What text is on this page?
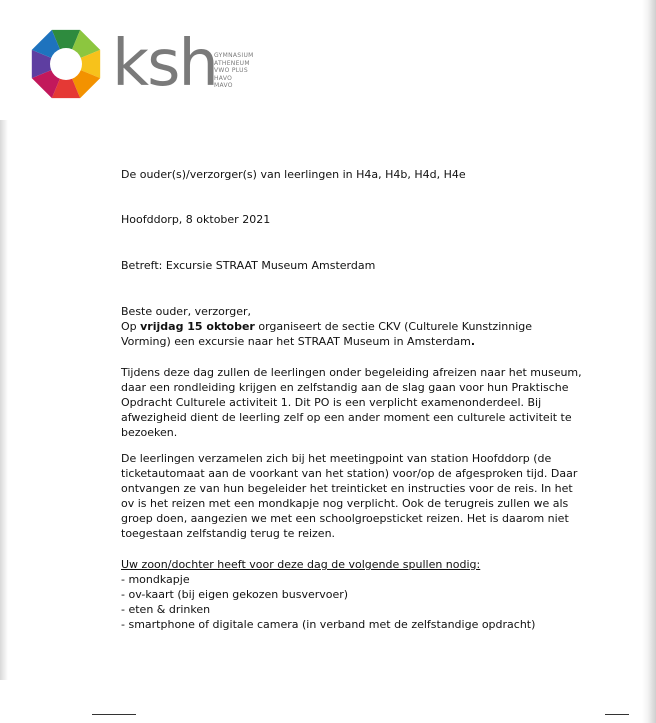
ksh
GYMNASIUM
ATHENEUM
VWO PLUS
HAVO
MAVO
De ouder(s)/verzorger(s) van leerlingen in H4a, H4b, H4d, H4e
Hoofddorp, 8 oktober 2021
Betreft: Excursie STRAAT Museum Amsterdam
Beste ouder, verzorger,
Op vrijdag 15 oktober organiseert de sectie CKV (Culturele Kunstzinnige
Vorming) een excursie naar het STRAAT Museum in Amsterdam.
Tijdens deze dag zullen de leerlingen onder begeleiding afreizen naar het museum,
daar een rondleiding krijgen en zelfstandig aan de slag gaan voor hun Praktische
Opdracht Culturele activiteit 1. Dit PO is een verplicht examenonderdeel. Bij
afwezigheid dient de leerling zelf op een ander moment een culturele activiteit te
bezoeken.
De leerlingen verzamelen zich bij het meetingpoint van station Hoofddorp (de
ticketautomaat aan de voorkant van het station) voor/op de afgesproken tijd. Daar
ontvangen ze van hun begeleider het treinticket en instructies voor de reis. In het
ov is het reizen met een mondkapje nog verplicht. Ook de terugreis zullen we als
groep doen, aangezien we met een schoolgroepsticket reizen. Het is daarom niet
toegestaan zelfstandig terug te reizen.
Uw zoon/dochter heeft voor deze dag de volgende spullen nodig:
- mondkapje
- ov-kaart (bij eigen gekozen busvervoer)
- eten & drinken
- smartphone of digitale camera (in verband met de zelfstandige opdracht)
